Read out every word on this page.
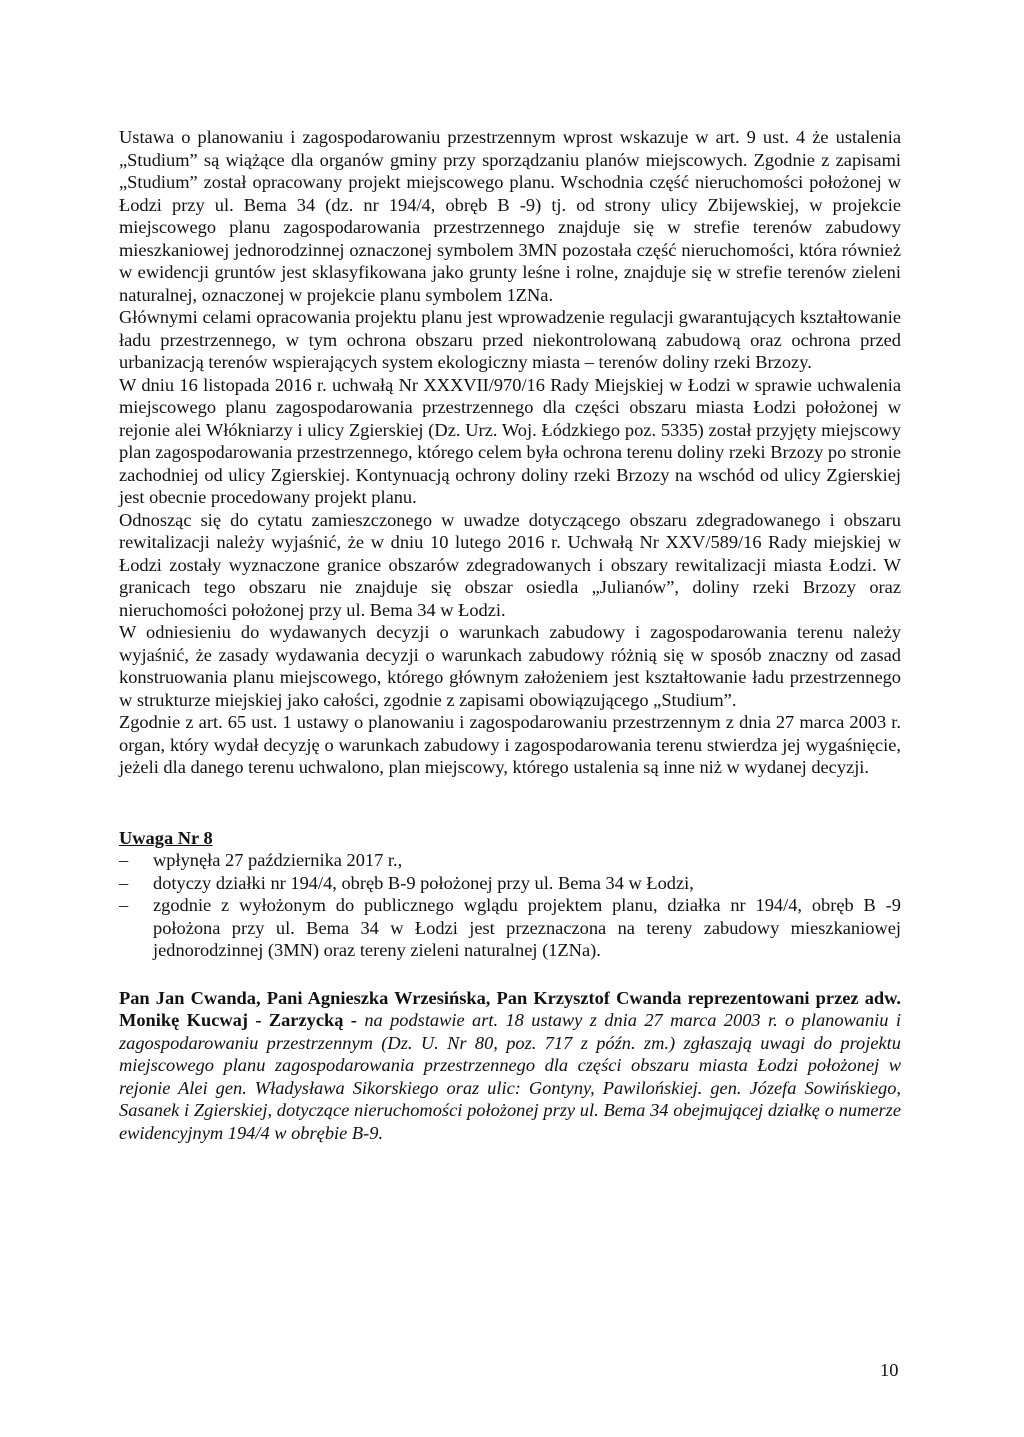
Ustawa o planowaniu i zagospodarowaniu przestrzennym wprost wskazuje w art. 9 ust. 4 że ustalenia „Studium” są wiążące dla organów gminy przy sporządzaniu planów miejscowych. Zgodnie z zapisami „Studium” został opracowany projekt miejscowego planu. Wschodnia część nieruchomości położonej w Łodzi przy ul. Bema 34 (dz. nr 194/4, obręb B -9) tj. od strony ulicy Zbijewskiej, w projekcie miejscowego planu zagospodarowania przestrzennego znajduje się w strefie terenów zabudowy mieszkaniowej jednorodzinnej oznaczonej symbolem 3MN pozostała część nieruchomości, która również w ewidencji gruntów jest sklasyfikowana jako grunty leśne i rolne, znajduje się w strefie terenów zieleni naturalnej, oznaczonej w projekcie planu symbolem 1ZNa.

Głównymi celami opracowania projektu planu jest wprowadzenie regulacji gwarantujących kształtowanie ładu przestrzennego, w tym ochrona obszaru przed niekontrolowaną zabudową oraz ochrona przed urbanizacją terenów wspierających system ekologiczny miasta – terenów doliny rzeki Brzozy.

W dniu 16 listopada 2016 r. uchwałą Nr XXXVII/970/16 Rady Miejskiej w Łodzi w sprawie uchwalenia miejscowego planu zagospodarowania przestrzennego dla części obszaru miasta Łodzi położonej w rejonie alei Włókniarzy i ulicy Zgierskiej (Dz. Urz. Woj. Łódzkiego poz. 5335) został przyjęty miejscowy plan zagospodarowania przestrzennego, którego celem była ochrona terenu doliny rzeki Brzozy po stronie zachodniej od ulicy Zgierskiej. Kontynuacją ochrony doliny rzeki Brzozy na wschód od ulicy Zgierskiej jest obecnie procedowany projekt planu.

Odnosząc się do cytatu zamieszczonego w uwadze dotyczącego obszaru zdegradowanego i obszaru rewitalizacji należy wyjaśnić, że w dniu 10 lutego 2016 r. Uchwałą Nr XXV/589/16 Rady miejskiej w Łodzi zostały wyznaczone granice obszarów zdegradowanych i obszary rewitalizacji miasta Łodzi. W granicach tego obszaru nie znajduje się obszar osiedla „Julianów”, doliny rzeki Brzozy oraz nieruchomości położonej przy ul. Bema 34 w Łodzi.

W odniesieniu do wydawanych decyzji o warunkach zabudowy i zagospodarowania terenu należy wyjaśnić, że zasady wydawania decyzji o warunkach zabudowy różnią się w sposób znaczny od zasad konstruowania planu miejscowego, którego głównym założeniem jest kształtowanie ładu przestrzennego w strukturze miejskiej jako całości, zgodnie z zapisami obowiązującego „Studium”.

Zgodnie z art. 65 ust. 1 ustawy o planowaniu i zagospodarowaniu przestrzennym z dnia 27 marca 2003 r. organ, który wydał decyzję o warunkach zabudowy i zagospodarowania terenu stwierdza jej wygaśnięcie, jeżeli dla danego terenu uchwalono, plan miejscowy, którego ustalenia są inne niż w wydanej decyzji.

Uwaga Nr 8

– wpłynęła 27 października 2017 r.,
– dotyczy działki nr 194/4, obręb B-9 położonej przy ul. Bema 34 w Łodzi,
– zgodnie z wyłożonym do publicznego wglądu projektem planu, działka nr 194/4, obręb B -9 położona przy ul. Bema 34 w Łodzi jest przeznaczona na tereny zabudowy mieszkaniowej jednorodzinnej (3MN) oraz tereny zieleni naturalnej (1ZNa).

Pan Jan Cwanda, Pani Agnieszka Wrzesińska, Pan Krzysztof Cwanda reprezentowani przez adw. Monikę Kucwaj - Zarzycką - na podstawie art. 18 ustawy z dnia 27 marca 2003 r. o planowaniu i zagospodarowaniu przestrzennym (Dz. U. Nr 80, poz. 717 z późn. zm.) zgłaszają uwagi do projektu miejscowego planu zagospodarowania przestrzennego dla części obszaru miasta Łodzi położonej w rejonie Alei gen. Władysława Sikorskiego oraz ulic: Gontyny, Pawilońskiej. gen. Józefa Sowińskiego, Sasanek i Zgierskiej, dotyczące nieruchomości położonej przy ul. Bema 34 obejmującej działkę o numerze ewidencyjnym 194/4 w obrębie B-9.

10
